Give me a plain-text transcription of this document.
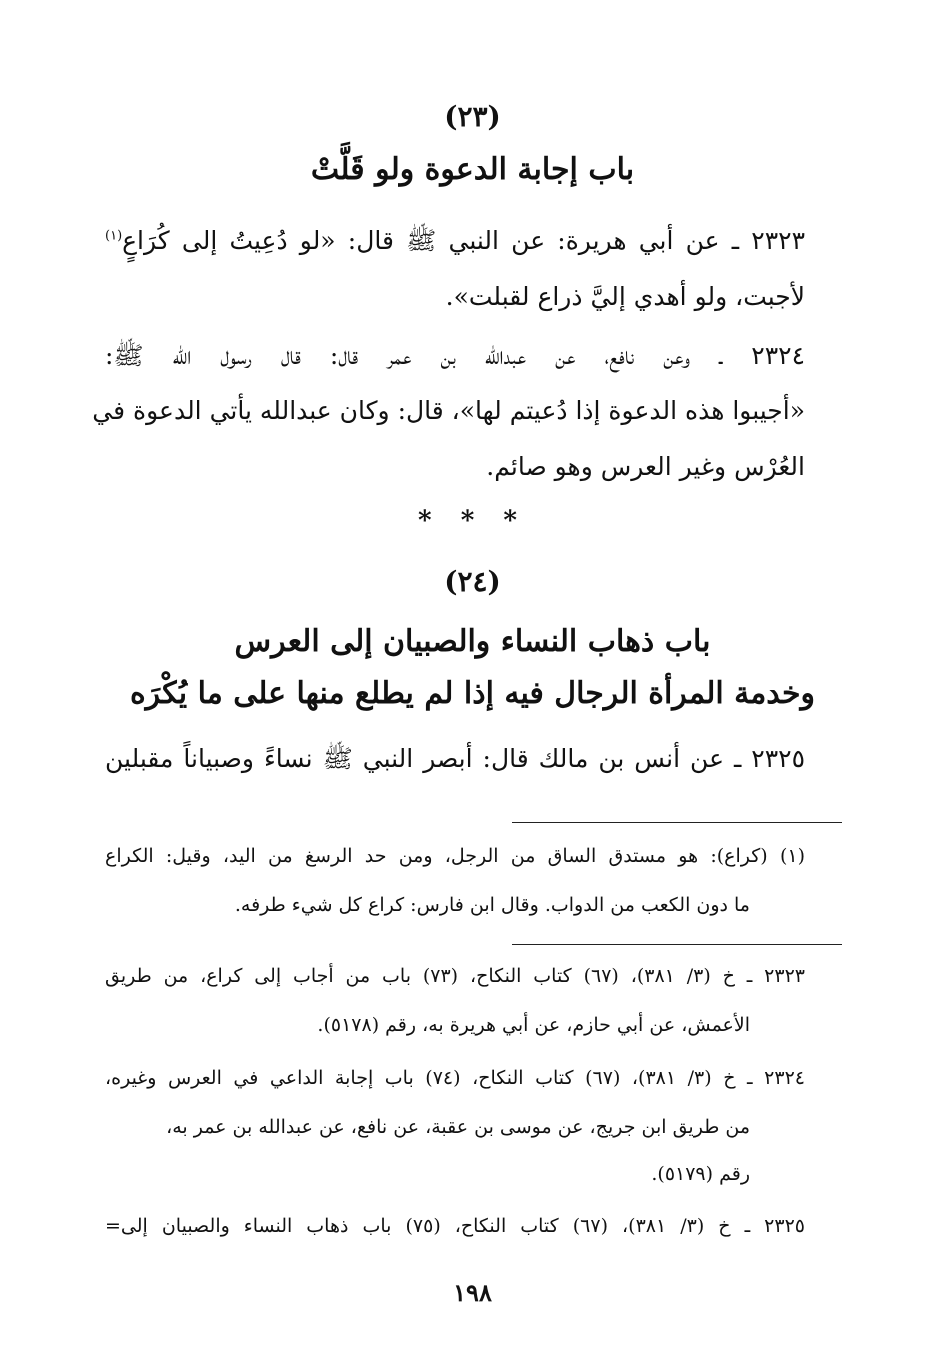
(٢٣)
باب إجابة الدعوة ولو قَلَّتْ
٢٣٢٣ ـ عن أبي هريرة: عن النبي ﷺ قال: «لو دُعِيتُ إلى كُرَاعٍ$^{(١)}$
لأجبت، ولو أهدي إليَّ ذراع لقبلت».
٢٣٢٤ ـ وعن نافع، عن عبدالله بن عمر قال: قال رسول الله ﷺ:
«أجيبوا هذه الدعوة إذا دُعيتم لها»، قال: وكان عبدالله يأتي الدعوة في
العُرْس وغير العرس وهو صائم.
* * *
(٢٤)
باب ذهاب النساء والصبيان إلى العرس
وخدمة المرأة الرجال فيه إذا لم يطلع منها على ما يُكْرَه
٢٣٢٥ ـ عن أنس بن مالك قال: أبصر النبي ﷺ نساءً وصبياناً مقبلين
(١) (كراع): هو مستدق الساق من الرجل، ومن حد الرسغ من اليد، وقيل: الكراع
ما دون الكعب من الدواب. وقال ابن فارس: كراع كل شيء طرفه.
٢٣٢٣ ـ خ (٣/ ٣٨١)، (٦٧) كتاب النكاح، (٧٣) باب من أجاب إلى كراع، من طريق
الأعمش، عن أبي حازم، عن أبي هريرة به، رقم (٥١٧٨).
٢٣٢٤ ـ خ (٣/ ٣٨١)، (٦٧) كتاب النكاح، (٧٤) باب إجابة الداعي في العرس وغيره،
من طريق ابن جريج، عن موسى بن عقبة، عن نافع، عن عبدالله بن عمر به،
رقم (٥١٧٩).
٢٣٢٥ ـ خ (٣/ ٣٨١)، (٦٧) كتاب النكاح، (٧٥) باب ذهاب النساء والصبيان إلى=
١٩٨
